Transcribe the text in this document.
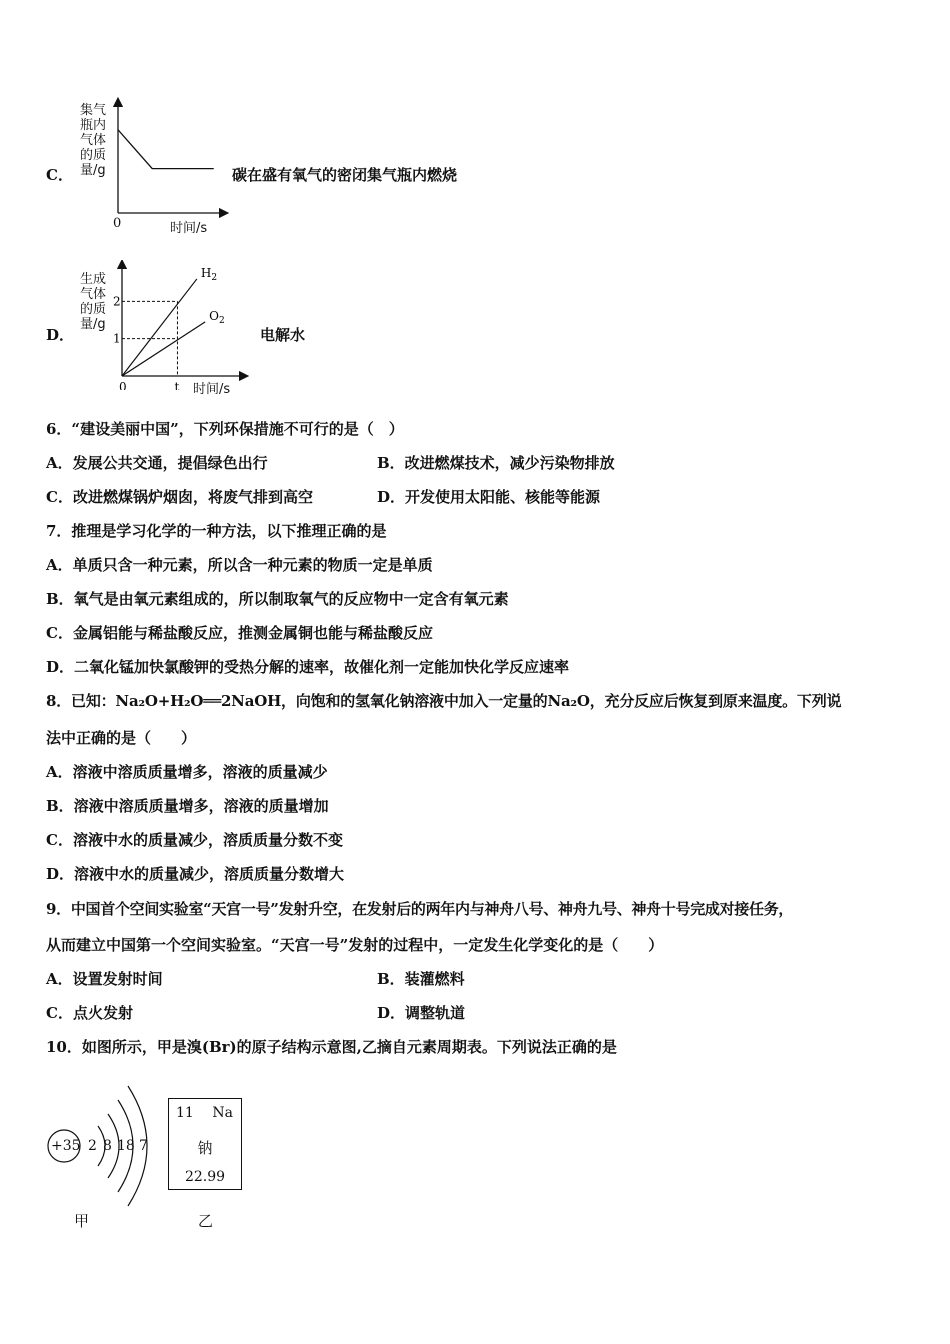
C．
集气瓶内气体的质量/g
0	时间/s
碳在盛有氧气的密闭集气瓶内燃烧
D．
生成气体的质量/g
$H_2$
$O_2$
2
1
0	t 时间/s
电解水
6．“建设美丽中国”，下列环保措施不可行的是（　）
A．发展公共交通，提倡绿色出行	B．改进燃煤技术，减少污染物排放
C．改进燃煤锅炉烟囱，将废气排到高空	D．开发使用太阳能、核能等能源
7．推理是学习化学的一种方法，以下推理正确的是
A．单质只含一种元素，所以含一种元素的物质一定是单质
B．氧气是由氧元素组成的，所以制取氧气的反应物中一定含有氧元素
C．金属铝能与稀盐酸反应，推测金属铜也能与稀盐酸反应
D．二氧化锰加快氯酸钾的受热分解的速率，故催化剂一定能加快化学反应速率
8．已知：Na₂O+H₂O══2NaOH，向饱和的氢氧化钠溶液中加入一定量的Na₂O，充分反应后恢复到原来温度。下列说
法中正确的是（　　）
A．溶液中溶质质量增多，溶液的质量减少
B．溶液中溶质质量增多，溶液的质量增加
C．溶液中水的质量减少，溶质质量分数不变
D．溶液中水的质量减少，溶质质量分数增大
9．中国首个空间实验室“天宫一号”发射升空，在发射后的两年内与神舟八号、神舟九号、神舟十号完成对接任务，
从而建立中国第一个空间实验室。“天宫一号”发射的过程中，一定发生化学变化的是（　　）
A．设置发射时间	B．装灌燃料
C．点火发射	D．调整轨道
10．如图所示，甲是溴(Br)的原子结构示意图,乙摘自元素周期表。下列说法正确的是
+35 2 8 18 7
甲
11 Na
钠
22.99
乙
